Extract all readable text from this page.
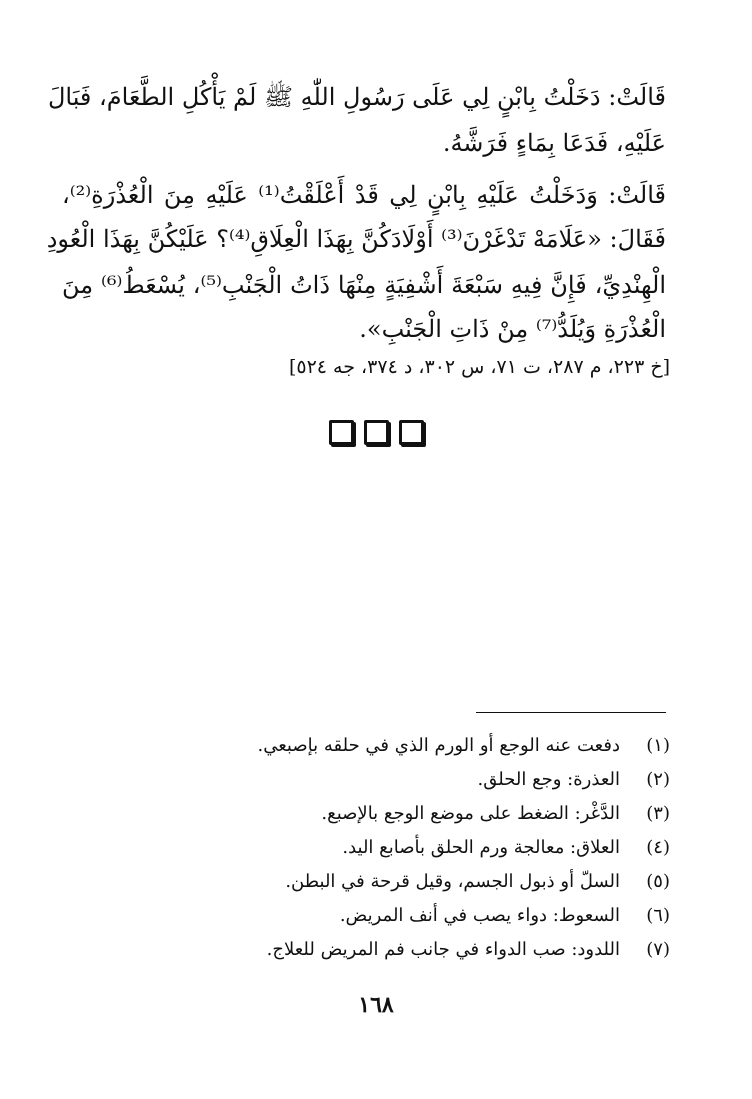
قَالَتْ: دَخَلْتُ بِابْنٍ لِي عَلَى رَسُولِ اللّٰهِ ﷺ لَمْ يَأْكُلِ الطَّعَامَ، فَبَالَ
عَلَيْهِ، فَدَعَا بِمَاءٍ فَرَشَّهُ.
قَالَتْ: وَدَخَلْتُ عَلَيْهِ بِابْنٍ لِي قَدْ أَعْلَقْتُ⁽¹⁾ عَلَيْهِ مِنَ الْعُذْرَةِ⁽²⁾،
فَقَالَ: «عَلَامَهْ تَدْغَرْنَ⁽³⁾ أَوْلَادَكُنَّ بِهَذَا الْعِلَاقِ⁽⁴⁾؟ عَلَيْكُنَّ بِهَذَا الْعُودِ
الْهِنْدِيِّ، فَإِنَّ فِيهِ سَبْعَةَ أَشْفِيَةٍ مِنْهَا ذَاتُ الْجَنْبِ⁽⁵⁾، يُسْعَطُ⁽⁶⁾ مِنَ
الْعُذْرَةِ وَيُلَدُّ⁽⁷⁾ مِنْ ذَاتِ الْجَنْبِ».
[خ ٢٢٣، م ٢٨٧، ت ٧١، س ٣٠٢، د ٣٧٤، جه ٥٢٤]
(١)
دفعت عنه الوجع أو الورم الذي في حلقه بإصبعي.
(٢)
العذرة: وجع الحلق.
(٣)
الدَّغْر: الضغط على موضع الوجع بالإصبع.
(٤)
العلاق: معالجة ورم الحلق بأصابع اليد.
(٥)
السلّ أو ذبول الجسم، وقيل قرحة في البطن.
(٦)
السعوط: دواء يصب في أنف المريض.
(٧)
اللدود: صب الدواء في جانب فم المريض للعلاج.
١٦٨
